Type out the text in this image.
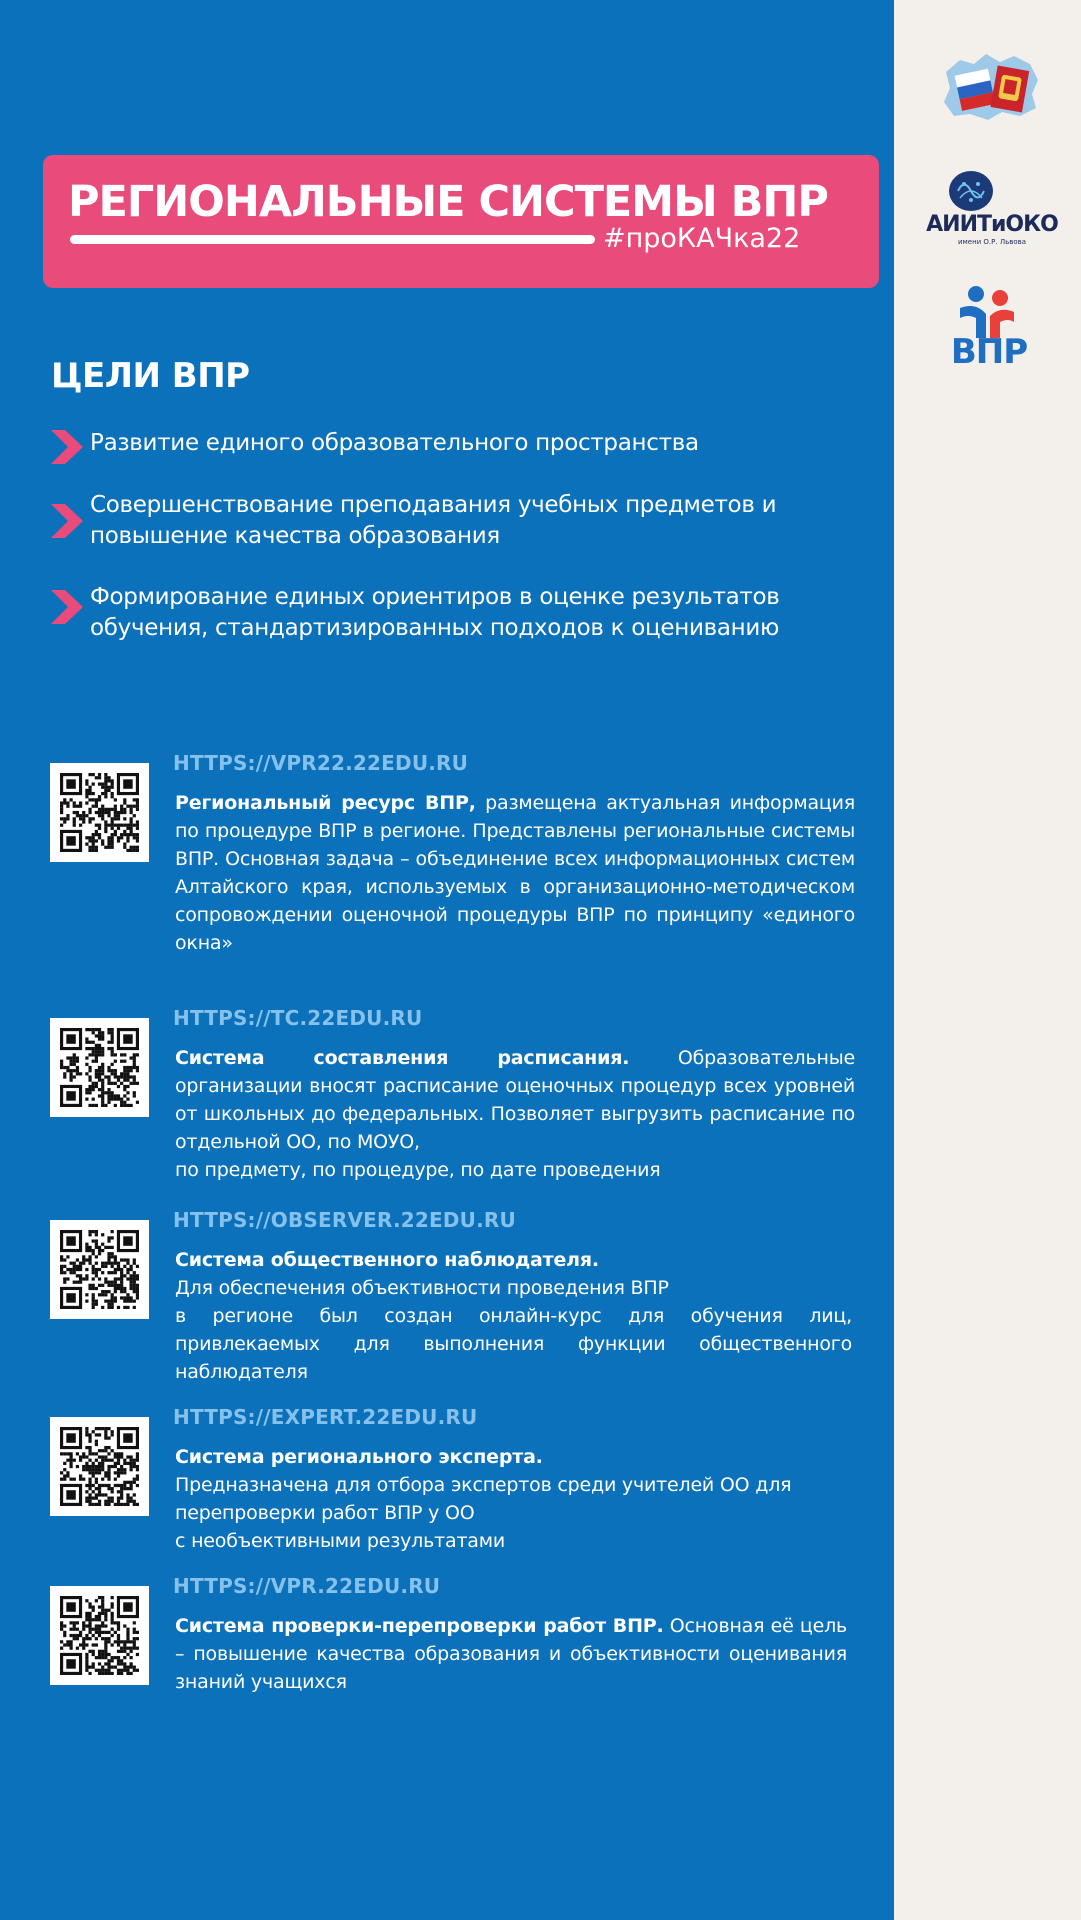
РЕГИОНАЛЬНЫЕ СИСТЕМЫ ВПР
#проКАЧка22
ЦЕЛИ ВПР
Развитие единого образовательного пространства
Совершенствование преподавания учебных предметов и повышение качества образования
Формирование единых ориентиров в оценке результатов обучения, стандартизированных подходов к оцениванию
HTTPS://VPR22.22EDU.RU

Региональный ресурс ВПР, размещена актуальная информация по процедуре ВПР в регионе. Представлены региональные системы ВПР. Основная задача – объединение всех информационных систем Алтайского края, используемых в организационно-методическом сопровождении оценочной процедуры ВПР по принципу «единого окна»

HTTPS://TC.22EDU.RU

Система составления расписания.	Образовательные организации вносят расписание оценочных процедур всех уровней от школьных до федеральных. Позволяет выгрузить расписание по отдельной ОО, по МОУО,
по предмету, по процедуре, по дате проведения

HTTPS://OBSERVER.22EDU.RU

Система общественного наблюдателя.
Для обеспечения объективности проведения ВПР
в регионе был создан онлайн-курс для обучения лиц, привлекаемых для выполнения функции общественного наблюдателя

HTTPS://EXPERT.22EDU.RU

Система регионального эксперта.
Предназначена для отбора экспертов среди учителей ОО для перепроверки работ ВПР у ОО
с необъективными результатами

HTTPS://VPR.22EDU.RU

Система проверки-перепроверки работ ВПР. Основная её цель – повышение качества образования и объективности оценивания знаний учащихся

АИИТиОКО
имени О.Р. Львова
ВПР
